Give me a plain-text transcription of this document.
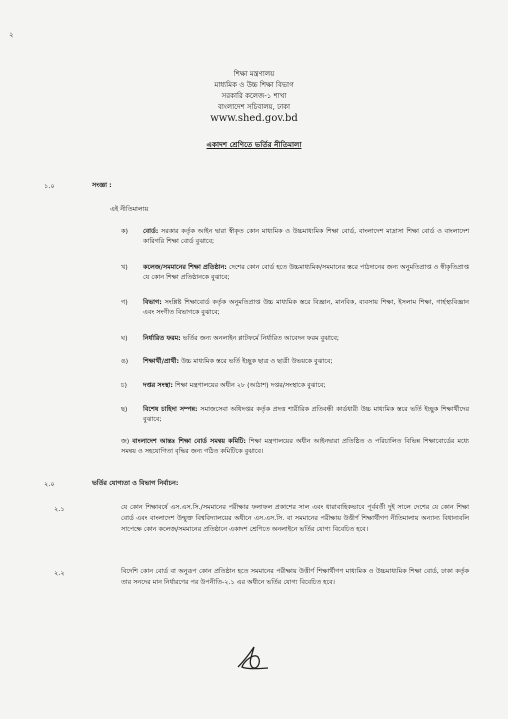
২
শিক্ষা মন্ত্রণালয়
মাধ্যমিক ও উচ্চ শিক্ষা বিভাগ
সরকারি কলেজ-১ শাখা
বাংলাদেশ সচিবালয়, ঢাকা
www.shed.gov.bd
একাদশ শ্রেণিতে ভর্তির নীতিমালা
১.০	সংজ্ঞা :
এই নীতিমালায়
ক) বোর্ড: সরকার কর্তৃক আইন দ্বারা স্বীকৃত কোন মাধ্যমিক ও উচ্চমাধ্যমিক শিক্ষা বোর্ড, বাংলাদেশ মাদ্রাসা শিক্ষা বোর্ড ও বাংলাদেশ কারিগরি শিক্ষা বোর্ড বুঝাবে;
খ) কলেজ/সমমানের শিক্ষা প্রতিষ্ঠান: দেশের কোন বোর্ড হতে উচ্চমাধ্যমিক/সমমানের স্তরে পাঠদানের জন্য অনুমতিপ্রাপ্ত ও স্বীকৃতিপ্রাপ্ত যে কোন শিক্ষা প্রতিষ্ঠানকে বুঝাবে;
গ) বিভাগ: সংশ্লিষ্ট শিক্ষাবোর্ড কর্তৃক অনুমতিপ্রাপ্ত উচ্চ মাধ্যমিক স্তরে বিজ্ঞান, মানবিক, ব্যবসায় শিক্ষা, ইসলাম শিক্ষা, গার্হস্থ্যবিজ্ঞান এবং সংগীত বিভাগকে বুঝাবে;
ঘ) নির্ধারিত ফরম: ভর্তির জন্য অনলাইন প্লাটফর্মে নির্ধারিত আবেদন ফরম বুঝাবে;
ঙ) শিক্ষার্থী/প্রার্থী: উচ্চ মাধ্যমিক স্তরে ভর্তি ইচ্ছুক ছাত্র ও ছাত্রী উভয়কে বুঝাবে;
চ)	দপ্তর সংস্থা: শিক্ষা মন্ত্রণালয়ের অধীন ২৮ (আঠাশ) দপ্তর/সংস্থাকে বুঝাবে;
ছ) বিশেষ চাহিদা সম্পন্ন: সমাজসেবা অধিদপ্তর কর্তৃক প্রদত্ত শারীরিক প্রতিবন্ধী কার্ডধারী উচ্চ মাধ্যমিক স্তরে ভর্তি ইচ্ছুক শিক্ষার্থীদের বুঝাবে;
জ) বাংলাদেশ আন্তঃ শিক্ষা বোর্ড সমন্বয় কমিটি: শিক্ষা মন্ত্রণালয়ের অধীন আইনদ্বারা প্রতিষ্ঠিত ও পরিচালিত বিভিন্ন শিক্ষাবোর্ডের মধ্যে সমন্বয় ও সহযোগিতা বৃদ্ধির জন্য গঠিত কমিটিকে বুঝাবে।
২.০	ভর্তির যোগ্যতা ও বিভাগ নির্বাচন:
২.১	যে কোন শিক্ষাবর্ষে এস.এস.সি./সমমানের পরীক্ষার ফলাফল প্রকাশের সাল এবং ধারাবাহিকভাবে পূর্ববর্তী দুই সালে দেশের যে কোন শিক্ষা বোর্ড এবং বাংলাদেশ উন্মুক্ত বিশ্ববিদ্যালয়ের অধীনে এস.এস.সি. বা সমমানের পরীক্ষায় উত্তীর্ণ শিক্ষার্থীগণ নীতিমালায় অন্যান্য বিধানাবলি সাপেক্ষে কোন কলেজ/সমমানের প্রতিষ্ঠানে একাদশ শ্রেণিতে অনলাইনে ভর্তির যোগ্য বিবেচিত হবে।
২.২	বিদেশি কোন বোর্ড বা অনুরূপ কোন প্রতিষ্ঠান হতে সমমানের পরীক্ষায় উত্তীর্ণ শিক্ষার্থীগণ মাধ্যমিক ও উচ্চমাধ্যমিক শিক্ষা বোর্ড, ঢাকা কর্তৃক তার সনদের মান নির্ধারণের পর উপনীতি-২.১ এর অধীনে ভর্তির যোগ্য বিবেচিত হবে।
